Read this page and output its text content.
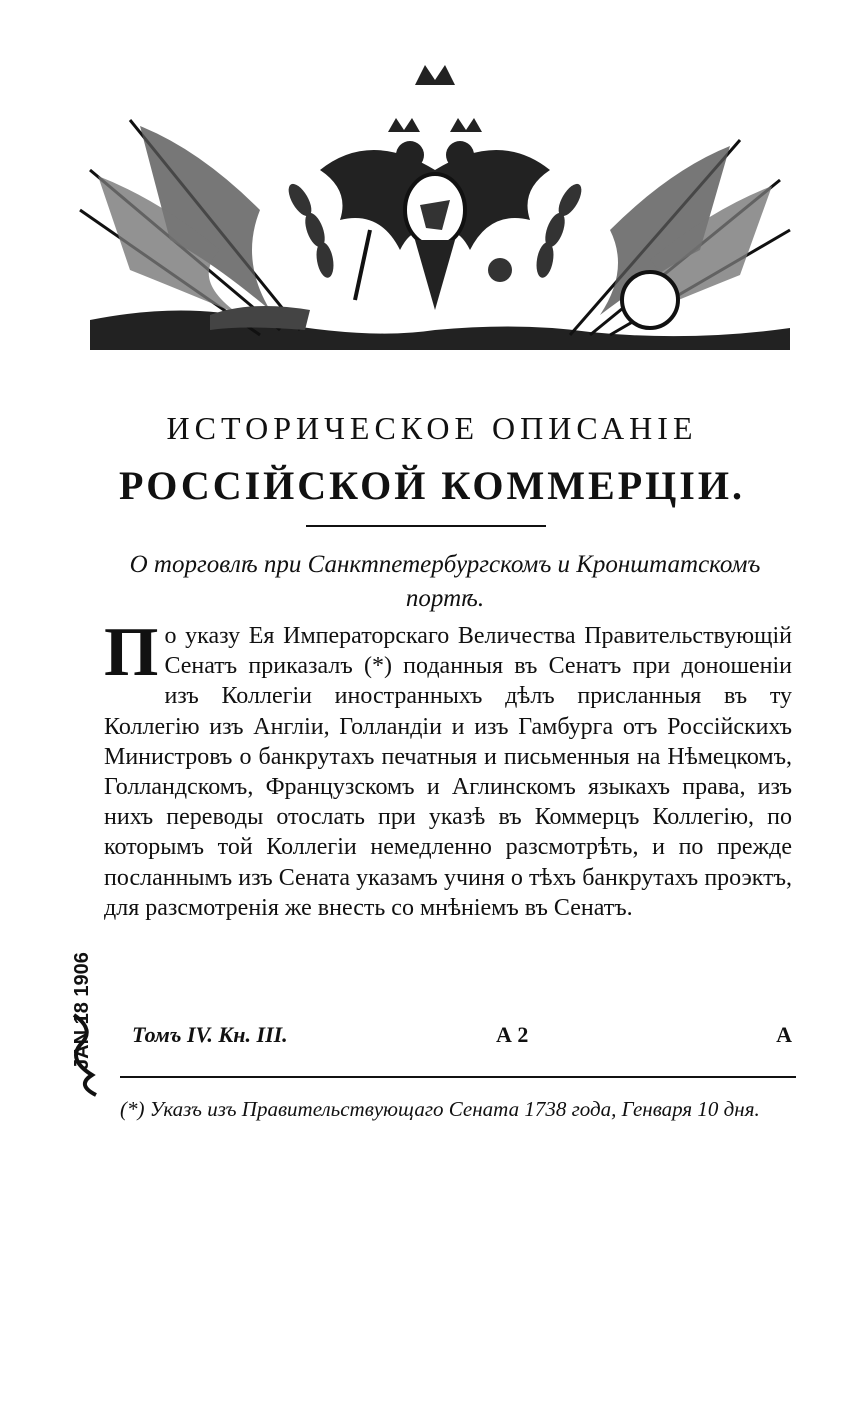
ИСТОРИЧЕСКОЕ ОПИСАНІЕ
РОССІЙСКОЙ КОММЕРЦІИ.
О торговлѣ при Санктпетербургскомъ и Кронштатскомъ портѣ.
По указу Ея Императорскаго Величества Правительствующій Сенатъ приказалъ (*) поданныя въ Сенатъ при доношеніи изъ Коллегіи иностранныхъ дѣлъ присланныя въ ту Коллегію изъ Англіи, Голландіи и изъ Гамбурга отъ Россійскихъ Министровъ о банкрутахъ печатныя и письменныя на Нѣмецкомъ, Голландскомъ, Французскомъ и Аглинскомъ языкахъ права, изъ нихъ переводы отослать при указѣ въ Коммерцъ Коллегію, по которымъ той Коллегіи немедленно разсмотрѣть, и по прежде посланнымъ изъ Сената указамъ учиня о тѣхъ банкрутахъ проэктъ, для разсмотренія же внесть со мнѣніемъ въ Сенатъ.
Томъ IV. Кн. III.	А 2	А
(*) Указъ изъ Правительствующаго Сената 1738 года, Генваря 10 дня.
JAN 18 1906
